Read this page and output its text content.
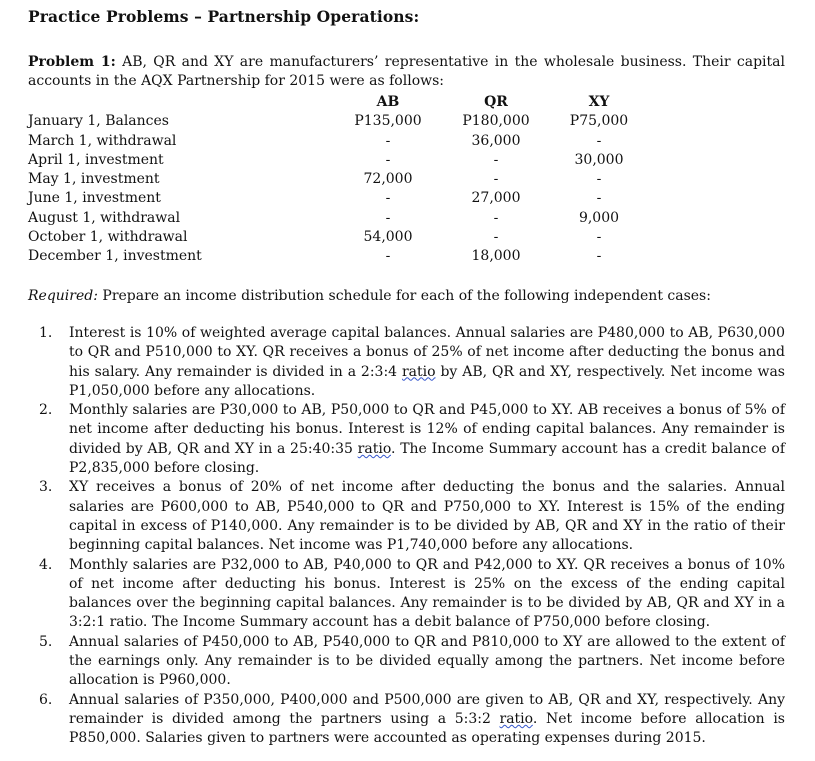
Practice Problems – Partnership Operations:
Problem 1: AB, QR and XY are manufacturers’ representative in the wholesale business. Their capital accounts in the AQX Partnership for 2015 were as follows:
AB	QR	XY
January 1, Balances	P135,000	P180,000	P75,000
March 1, withdrawal	-	36,000	-
April 1, investment	-	-	30,000
May 1, investment	72,000	-	-
June 1, investment	-	27,000	-
August 1, withdrawal	-	-	9,000
October 1, withdrawal	54,000	-	-
December 1, investment	-	18,000	-
Required: Prepare an income distribution schedule for each of the following independent cases:
1. Interest is 10% of weighted average capital balances. Annual salaries are P480,000 to AB, P630,000 to QR and P510,000 to XY. QR receives a bonus of 25% of net income after deducting the bonus and his salary. Any remainder is divided in a 2:3:4 ratio by AB, QR and XY, respectively. Net income was P1,050,000 before any allocations.
2. Monthly salaries are P30,000 to AB, P50,000 to QR and P45,000 to XY. AB receives a bonus of 5% of net income after deducting his bonus. Interest is 12% of ending capital balances. Any remainder is divided by AB, QR and XY in a 25:40:35 ratio. The Income Summary account has a credit balance of P2,835,000 before closing.
3. XY receives a bonus of 20% of net income after deducting the bonus and the salaries. Annual salaries are P600,000 to AB, P540,000 to QR and P750,000 to XY. Interest is 15% of the ending capital in excess of P140,000. Any remainder is to be divided by AB, QR and XY in the ratio of their beginning capital balances. Net income was P1,740,000 before any allocations.
4. Monthly salaries are P32,000 to AB, P40,000 to QR and P42,000 to XY. QR receives a bonus of 10% of net income after deducting his bonus. Interest is 25% on the excess of the ending capital balances over the beginning capital balances. Any remainder is to be divided by AB, QR and XY in a 3:2:1 ratio. The Income Summary account has a debit balance of P750,000 before closing.
5. Annual salaries of P450,000 to AB, P540,000 to QR and P810,000 to XY are allowed to the extent of the earnings only. Any remainder is to be divided equally among the partners. Net income before allocation is P960,000.
6. Annual salaries of P350,000, P400,000 and P500,000 are given to AB, QR and XY, respectively. Any remainder is divided among the partners using a 5:3:2 ratio. Net income before allocation is P850,000. Salaries given to partners were accounted as operating expenses during 2015.
